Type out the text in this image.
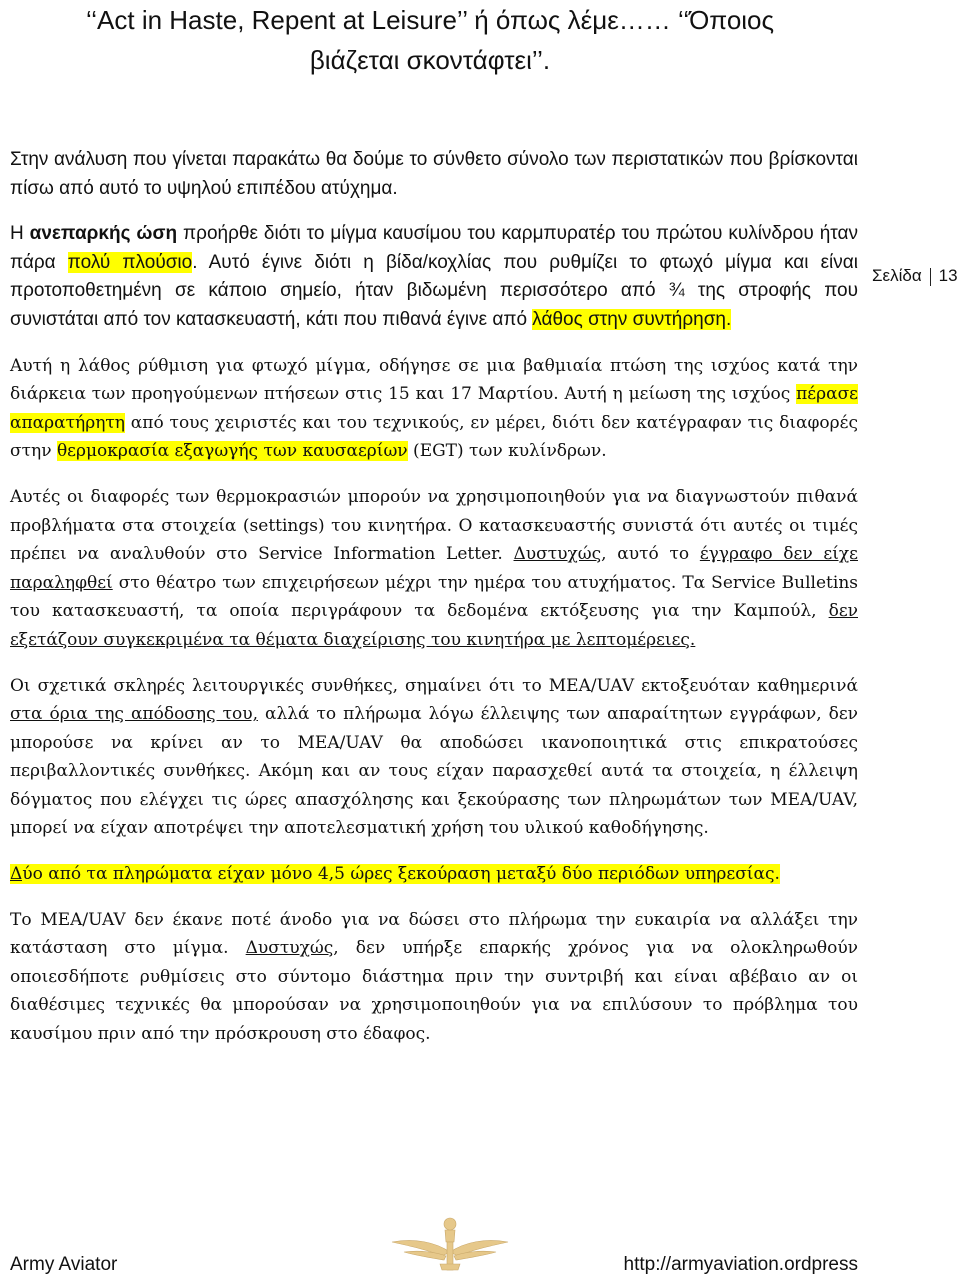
‘‘Act in Haste, Repent at Leisure’’ ή όπως λέμε…… ‘‘Όποιος
βιάζεται σκοντάφτει’’.
Σελίδα 13

Στην ανάλυση που γίνεται παρακάτω θα δούμε το σύνθετο σύνολο των περιστατικών που βρίσκονται πίσω από αυτό το υψηλού επιπέδου ατύχημα.

Η ανεπαρκής ώση προήρθε διότι το μίγμα καυσίμου του καρμπυρατέρ του πρώτου κυλίνδρου ήταν πάρα πολύ πλούσιο. Αυτό έγινε διότι η βίδα/κοχλίας που ρυθμίζει το φτωχό μίγμα και είναι προτοποθετημένη σε κάποιο σημείο, ήταν βιδωμένη περισσότερο από ¾ της στροφής που συνιστάται από τον κατασκευαστή, κάτι που πιθανά έγινε από λάθος στην συντήρηση.

Αυτή η λάθος ρύθμιση για φτωχό μίγμα, οδήγησε σε μια βαθμιαία πτώση της ισχύος κατά την διάρκεια των προηγούμενων πτήσεων στις 15 και 17 Μαρτίου. Αυτή η μείωση της ισχύος πέρασε απαρατήρητη από τους χειριστές και του τεχνικούς, εν μέρει, διότι δεν κατέγραφαν τις διαφορές στην θερμοκρασία εξαγωγής των καυσαερίων (EGT) των κυλίνδρων.

Αυτές οι διαφορές των θερμοκρασιών μπορούν να χρησιμοποιηθούν για να διαγνωστούν πιθανά προβλήματα στα στοιχεία (settings) του κινητήρα. Ο κατασκευαστής συνιστά ότι αυτές οι τιμές πρέπει να αναλυθούν στο Service Information Letter. Δυστυχώς, αυτό το έγγραφο δεν είχε παραληφθεί στο θέατρο των επιχειρήσεων μέχρι την ημέρα του ατυχήματος. Τα Service Bulletins του κατασκευαστή, τα οποία περιγράφουν τα δεδομένα εκτόξευσης για την Καμπούλ, δεν εξετάζουν συγκεκριμένα τα θέματα διαχείρισης του κινητήρα με λεπτομέρειες.

Οι σχετικά σκληρές λειτουργικές συνθήκες, σημαίνει ότι το MEA/UAV εκτοξευόταν καθημερινά στα όρια της απόδοσης του, αλλά το πλήρωμα λόγω έλλειψης των απαραίτητων εγγράφων, δεν μπορούσε να κρίνει αν το MEA/UAV θα αποδώσει ικανοποιητικά στις επικρατούσες περιβαλλοντικές συνθήκες. Ακόμη και αν τους είχαν παρασχεθεί αυτά τα στοιχεία, η έλλειψη δόγματος που ελέγχει τις ώρες απασχόλησης και ξεκούρασης των πληρωμάτων των MEA/UAV, μπορεί να είχαν αποτρέψει την αποτελεσματική χρήση του υλικού καθοδήγησης.

Δύο από τα πληρώματα είχαν μόνο 4,5 ώρες ξεκούραση μεταξύ δύο περιόδων υπηρεσίας.

Το MEA/UAV δεν έκανε ποτέ άνοδο για να δώσει στο πλήρωμα την ευκαιρία να αλλάξει την κατάσταση στο μίγμα. Δυστυχώς, δεν υπήρξε επαρκής χρόνος για να ολοκληρωθούν οποιεσδήποτε ρυθμίσεις στο σύντομο διάστημα πριν την συντριβή και είναι αβέβαιο αν οι διαθέσιμες τεχνικές θα μπορούσαν να χρησιμοποιηθούν για να επιλύσουν το πρόβλημα του καυσίμου πριν από την πρόσκρουση στο έδαφος.

Army Aviator	http://armyaviation.ordpress
